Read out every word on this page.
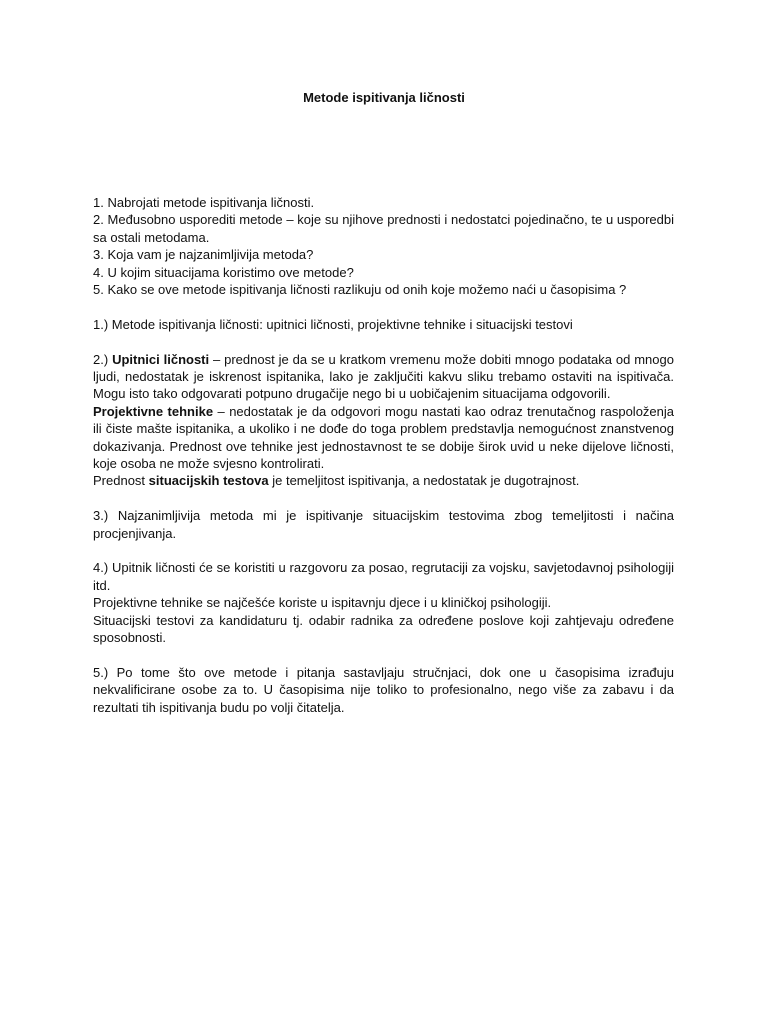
Metode ispitivanja ličnosti

1. Nabrojati metode ispitivanja ličnosti.

2. Međusobno usporediti metode – koje su njihove prednosti i nedostatci pojedinačno, te u usporedbi sa ostali metodama.

3. Koja vam je najzanimljivija metoda?

4. U kojim situacijama koristimo ove metode?

5. Kako se ove metode ispitivanja ličnosti razlikuju od onih koje možemo naći u časopisima ?

1.) Metode ispitivanja ličnosti: upitnici ličnosti, projektivne tehnike i situacijski testovi

2.) Upitnici ličnosti – prednost je da se u kratkom vremenu može dobiti mnogo podataka od mnogo ljudi, nedostatak je iskrenost ispitanika, lako je zaključiti kakvu sliku trebamo ostaviti na ispitivača. Mogu isto tako odgovarati potpuno drugačije nego bi u uobičajenim situacijama odgovorili.

Projektivne tehnike – nedostatak je da odgovori mogu nastati kao odraz trenutačnog raspoloženja ili čiste mašte ispitanika, a ukoliko i ne dođe do toga problem predstavlja nemogućnost znanstvenog dokazivanja. Prednost ove tehnike jest jednostavnost te se dobije širok uvid u neke dijelove ličnosti, koje osoba ne može svjesno kontrolirati.

Prednost situacijskih testova je temeljitost ispitivanja, a nedostatak je dugotrajnost.

3.) Najzanimljivija metoda mi je ispitivanje situacijskim testovima zbog temeljitosti i načina procjenjivanja.

4.) Upitnik ličnosti će se koristiti u razgovoru za posao, regrutaciji za vojsku, savjetodavnoj psihologiji itd.

Projektivne tehnike se najčešće koriste u ispitavnju djece i u kliničkoj psihologiji.

Situacijski testovi za kandidaturu tj. odabir radnika za određene poslove koji zahtjevaju određene sposobnosti.

5.) Po tome što ove metode i pitanja sastavljaju stručnjaci, dok one u časopisima izrađuju nekvalificirane osobe za to. U časopisima nije toliko to profesionalno, nego više za zabavu i da rezultati tih ispitivanja budu po volji čitatelja.
